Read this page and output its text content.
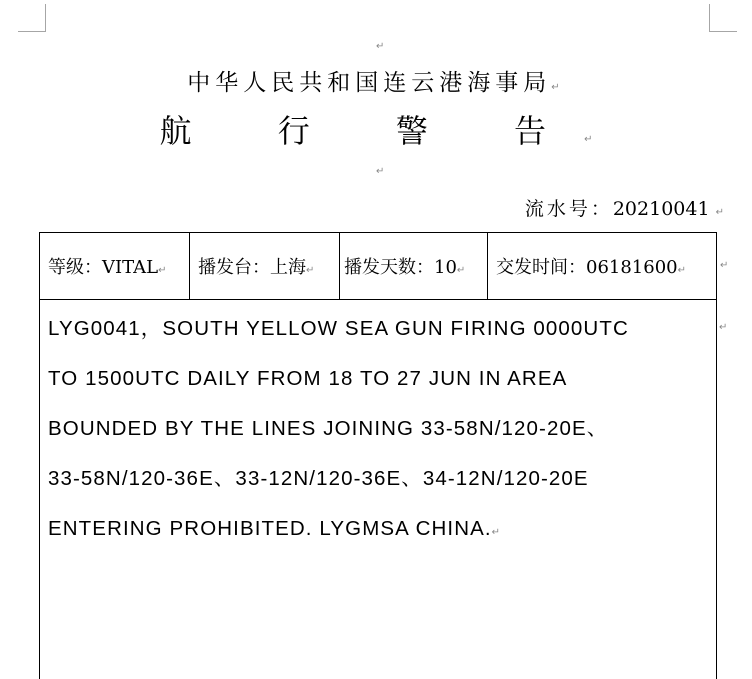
↵
↵
中华人民共和国连云港海事局↵
航 行 警 告↵
流水号：20210041 ↵
等级：VITAL↵	播发台：上海↵	播发天数：10↵	交发时间：06181600↵	↵
↵

LYG0041，SOUTH YELLOW SEA GUN FIRING 0000UTC

TO 1500UTC DAILY FROM 18 TO 27 JUN IN AREA

BOUNDED BY THE LINES JOINING 33-58N/120-20E、

33-58N/120-36E、33-12N/120-36E、34-12N/120-20E

ENTERING PROHIBITED. LYGMSA CHINA.↵
